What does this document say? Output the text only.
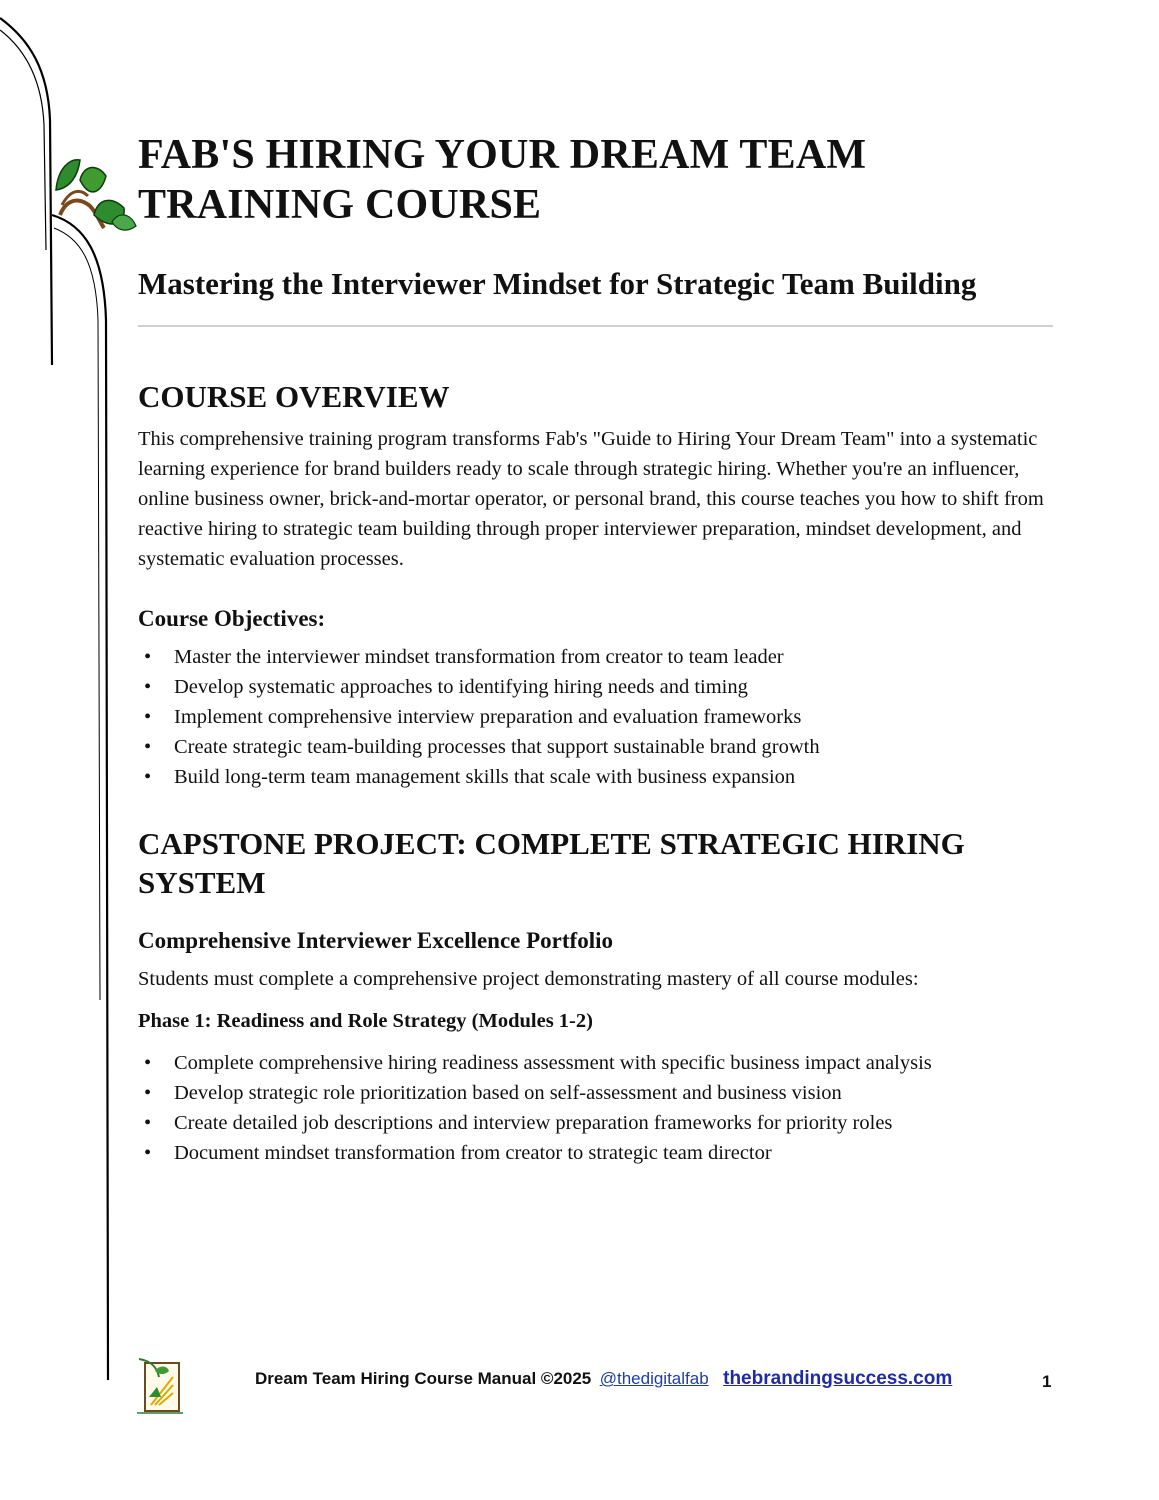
FAB'S HIRING YOUR DREAM TEAM
TRAINING COURSE
Mastering the Interviewer Mindset for Strategic Team Building
COURSE OVERVIEW

This comprehensive training program transforms Fab's "Guide to Hiring Your Dream Team" into a systematic learning experience for brand builders ready to scale through strategic hiring. Whether you're an influencer, online business owner, brick-and-mortar operator, or personal brand, this course teaches you how to shift from reactive hiring to strategic team building through proper interviewer preparation, mindset development, and systematic evaluation processes.

Course Objectives:
• Master the interviewer mindset transformation from creator to team leader
• Develop systematic approaches to identifying hiring needs and timing
• Implement comprehensive interview preparation and evaluation frameworks
• Create strategic team-building processes that support sustainable brand growth
• Build long-term team management skills that scale with business expansion
CAPSTONE PROJECT: COMPLETE STRATEGIC HIRING SYSTEM
Comprehensive Interviewer Excellence Portfolio

Students must complete a comprehensive project demonstrating mastery of all course modules:

Phase 1: Readiness and Role Strategy (Modules 1-2)

• Complete comprehensive hiring readiness assessment with specific business impact analysis
• Develop strategic role prioritization based on self-assessment and business vision
• Create detailed job descriptions and interview preparation frameworks for priority roles
• Document mindset transformation from creator to strategic team director
Dream Team Hiring Course Manual ©2025 @thedigitalfab thebrandingsuccess.com	1
